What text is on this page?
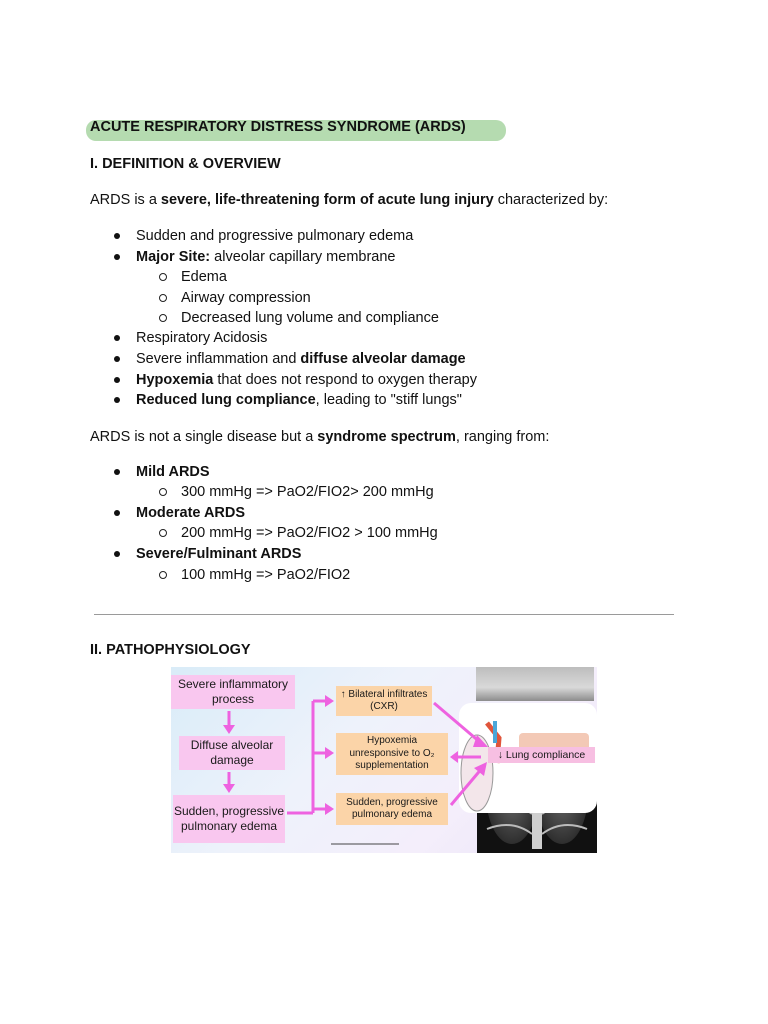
ACUTE RESPIRATORY DISTRESS SYNDROME (ARDS)
I. DEFINITION & OVERVIEW
ARDS is a severe, life-threatening form of acute lung injury characterized by:
Sudden and progressive pulmonary edema
Major Site: alveolar capillary membrane
Edema
Airway compression
Decreased lung volume and compliance
Respiratory Acidosis
Severe inflammation and diffuse alveolar damage
Hypoxemia that does not respond to oxygen therapy
Reduced lung compliance, leading to "stiff lungs"
ARDS is not a single disease but a syndrome spectrum, ranging from:
Mild ARDS
300 mmHg => PaO2/FIO2> 200 mmHg
Moderate ARDS
200 mmHg => PaO2/FIO2 > 100 mmHg
Severe/Fulminant ARDS
100 mmHg => PaO2/FIO2
II. PATHOPHYSIOLOGY
Severe inflammatory process
Diffuse alveolar damage
Sudden, progressive pulmonary edema
↑ Bilateral infiltrates (CXR)
Hypoxemia unresponsive to O₂ supplementation
Sudden, progressive pulmonary edema
↓ Lung compliance
